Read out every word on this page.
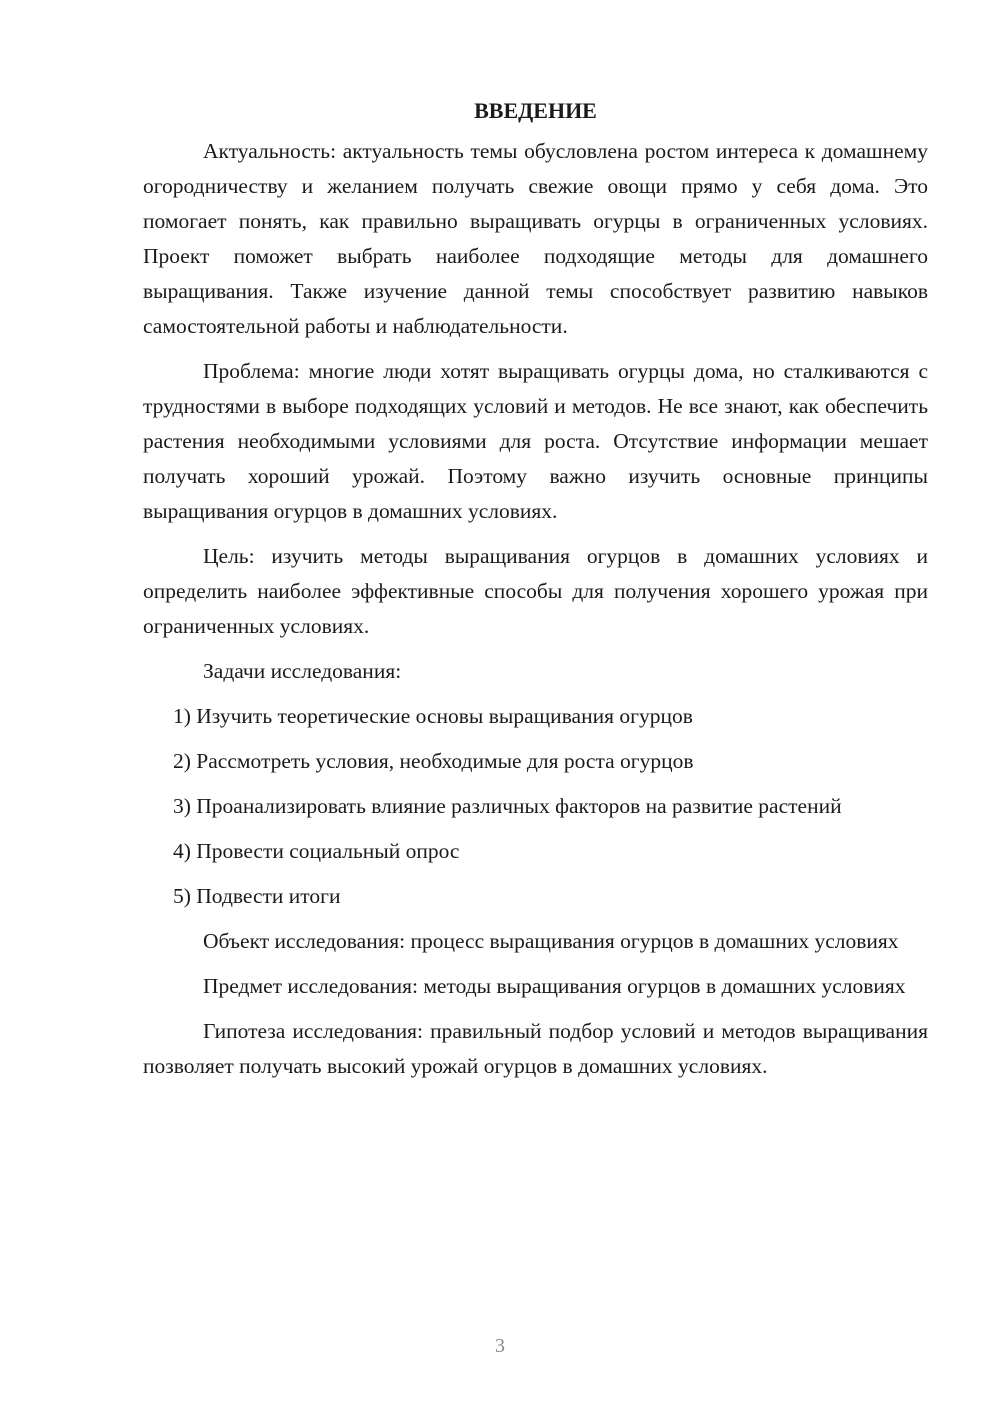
ВВЕДЕНИЕ

Актуальность: актуальность темы обусловлена ростом интереса к домашнему огородничеству и желанием получать свежие овощи прямо у себя дома. Это помогает понять, как правильно выращивать огурцы в ограниченных условиях. Проект поможет выбрать наиболее подходящие методы для домашнего выращивания. Также изучение данной темы способствует развитию навыков самостоятельной работы и наблюдательности.

Проблема: многие люди хотят выращивать огурцы дома, но сталкиваются с трудностями в выборе подходящих условий и методов. Не все знают, как обеспечить растения необходимыми условиями для роста. Отсутствие информации мешает получать хороший урожай. Поэтому важно изучить основные принципы выращивания огурцов в домашних условиях.

Цель: изучить методы выращивания огурцов в домашних условиях и определить наиболее эффективные способы для получения хорошего урожая при ограниченных условиях.

Задачи исследования:

1) Изучить теоретические основы выращивания огурцов

2) Рассмотреть условия, необходимые для роста огурцов

3) Проанализировать влияние различных факторов на развитие растений

4) Провести социальный опрос

5) Подвести итоги

Объект исследования: процесс выращивания огурцов в домашних условиях

Предмет исследования: методы выращивания огурцов в домашних условиях

Гипотеза исследования: правильный подбор условий и методов выращивания позволяет получать высокий урожай огурцов в домашних условиях.

3
